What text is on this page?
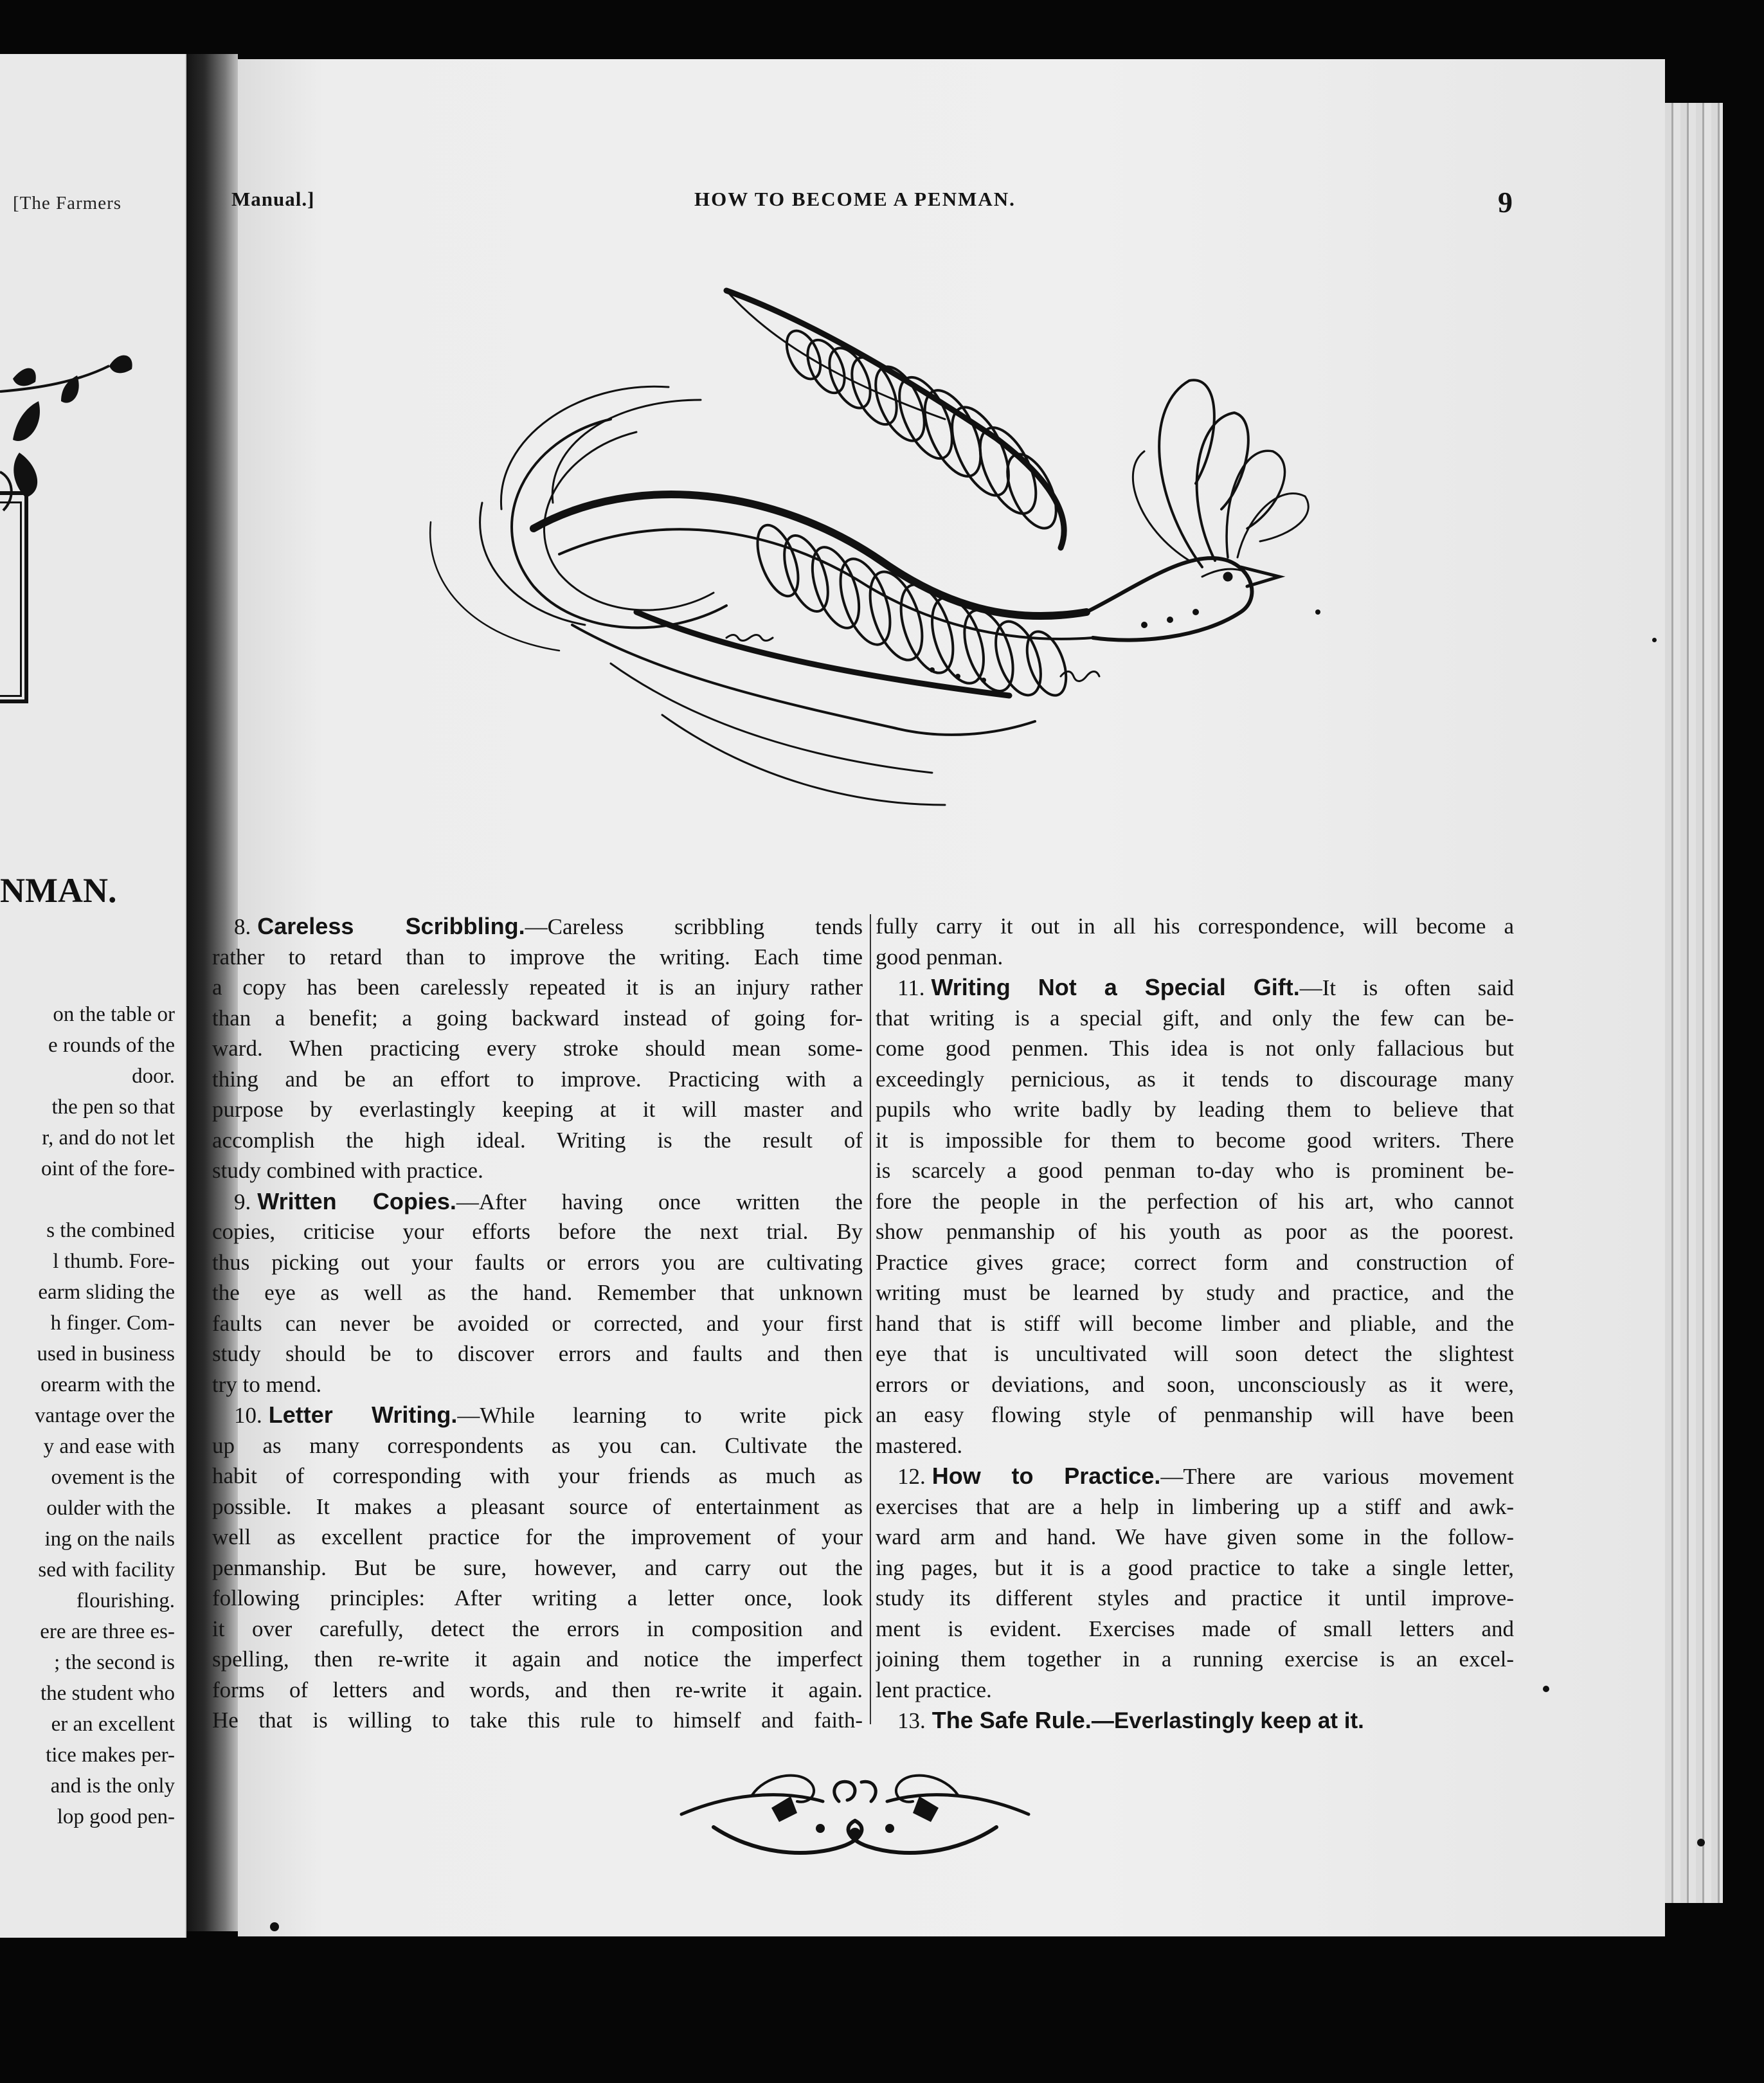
[The Farmers
NMAN.
on the table or
e rounds of the
door.
the pen so that
r, and do not let
oint of the fore-
s the combined
l thumb. Fore-
earm sliding the
h finger. Com-
used in business
orearm with the
vantage over the
y and ease with
ovement is the
oulder with the
ing on the nails
sed with facility
flourishing.
ere are three es-
; the second is
the student who
er an excellent
tice makes per-
and is the only
lop good pen-
Manual.]	HOW TO BECOME A PENMAN.	9
8. Careless Scribbling.—Careless scribbling tends
rather to retard than to improve the writing. Each time
a copy has been carelessly repeated it is an injury rather
than a benefit; a going backward instead of going for-
ward. When practicing every stroke should mean some-
thing and be an effort to improve. Practicing with a
purpose by everlastingly keeping at it will master and
accomplish the high ideal. Writing is the result of
study combined with practice.
9. Written Copies.—After having once written the
copies, criticise your efforts before the next trial. By
thus picking out your faults or errors you are cultivating
the eye as well as the hand. Remember that unknown
faults can never be avoided or corrected, and your first
study should be to discover errors and faults and then
try to mend.
10. Letter Writing.—While learning to write pick
up as many correspondents as you can. Cultivate the
habit of corresponding with your friends as much as
possible. It makes a pleasant source of entertainment as
well as excellent practice for the improvement of your
penmanship. But be sure, however, and carry out the
following principles: After writing a letter once, look
it over carefully, detect the errors in composition and
spelling, then re-write it again and notice the imperfect
forms of letters and words, and then re-write it again.
He that is willing to take this rule to himself and faith-
fully carry it out in all his correspondence, will become a
good penman.
11. Writing Not a Special Gift.—It is often said
that writing is a special gift, and only the few can be-
come good penmen. This idea is not only fallacious but
exceedingly pernicious, as it tends to discourage many
pupils who write badly by leading them to believe that
it is impossible for them to become good writers. There
is scarcely a good penman to-day who is prominent be-
fore the people in the perfection of his art, who cannot
show penmanship of his youth as poor as the poorest.
Practice gives grace; correct form and construction of
writing must be learned by study and practice, and the
hand that is stiff will become limber and pliable, and the
eye that is uncultivated will soon detect the slightest
errors or deviations, and soon, unconsciously as it were,
an easy flowing style of penmanship will have been
mastered.
12. How to Practice.—There are various movement
exercises that are a help in limbering up a stiff and awk-
ward arm and hand. We have given some in the follow-
ing pages, but it is a good practice to take a single letter,
study its different styles and practice it until improve-
ment is evident. Exercises made of small letters and
joining them together in a running exercise is an excel-
lent practice.
13. The Safe Rule.—Everlastingly keep at it.
